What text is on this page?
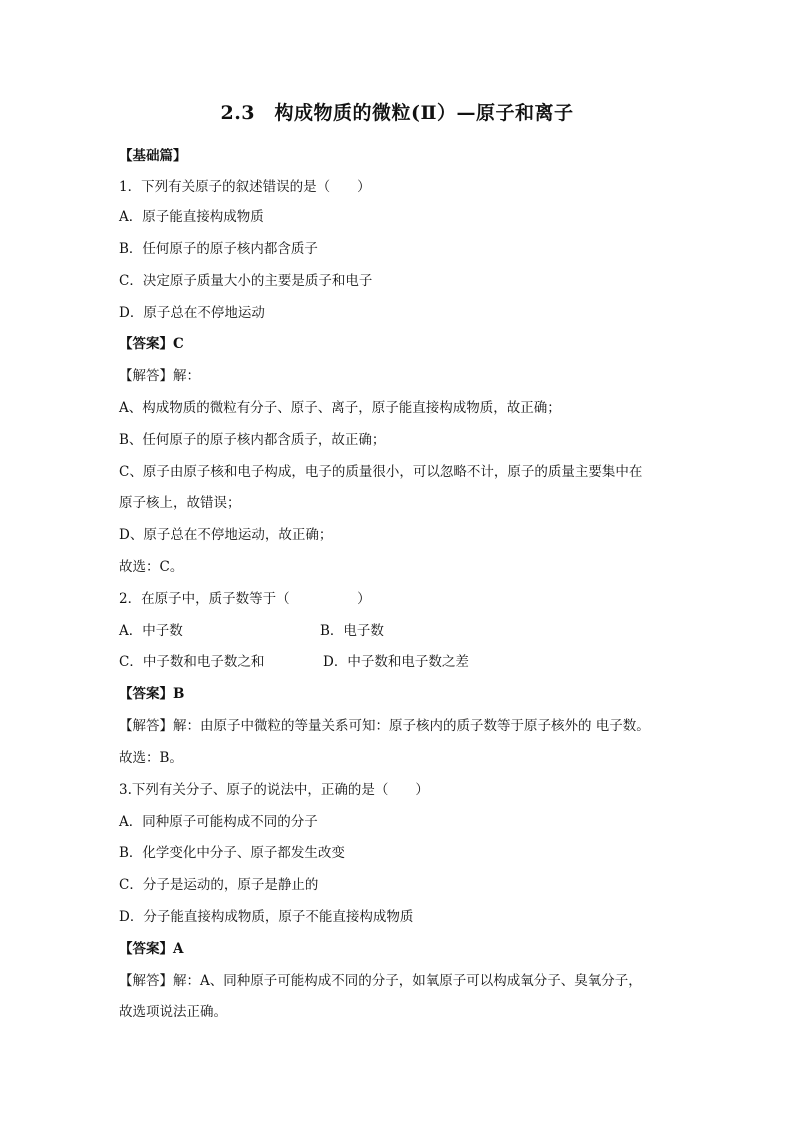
2.3　构成物质的微粒(Ⅱ）—原子和离子
【基础篇】
1．下列有关原子的叙述错误的是（　　）
A．原子能直接构成物质
B．任何原子的原子核内都含质子
C．决定原子质量大小的主要是质子和电子
D．原子总在不停地运动
【答案】C
【解答】解：
A、构成物质的微粒有分子、原子、离子，原子能直接构成物质，故正确；
B、任何原子的原子核内都含质子，故正确；
C、原子由原子核和电子构成，电子的质量很小，可以忽略不计，原子的质量主要集中在
原子核上，故错误；
D、原子总在不停地运动，故正确；
故选：C。
2．在原子中，质子数等于（　　　　　）
A．中子数	B．电子数
C．中子数和电子数之和	D．中子数和电子数之差
【答案】B
【解答】解：由原子中微粒的等量关系可知：原子核内的质子数等于原子核外的 电子数。
故选：B。
3.下列有关分子、原子的说法中，正确的是（　　）
A．同种原子可能构成不同的分子
B．化学变化中分子、原子都发生改变
C．分子是运动的，原子是静止的
D．分子能直接构成物质，原子不能直接构成物质
【答案】A
【解答】解：A、同种原子可能构成不同的分子，如氧原子可以构成氧分子、臭氧分子，
故选项说法正确。
